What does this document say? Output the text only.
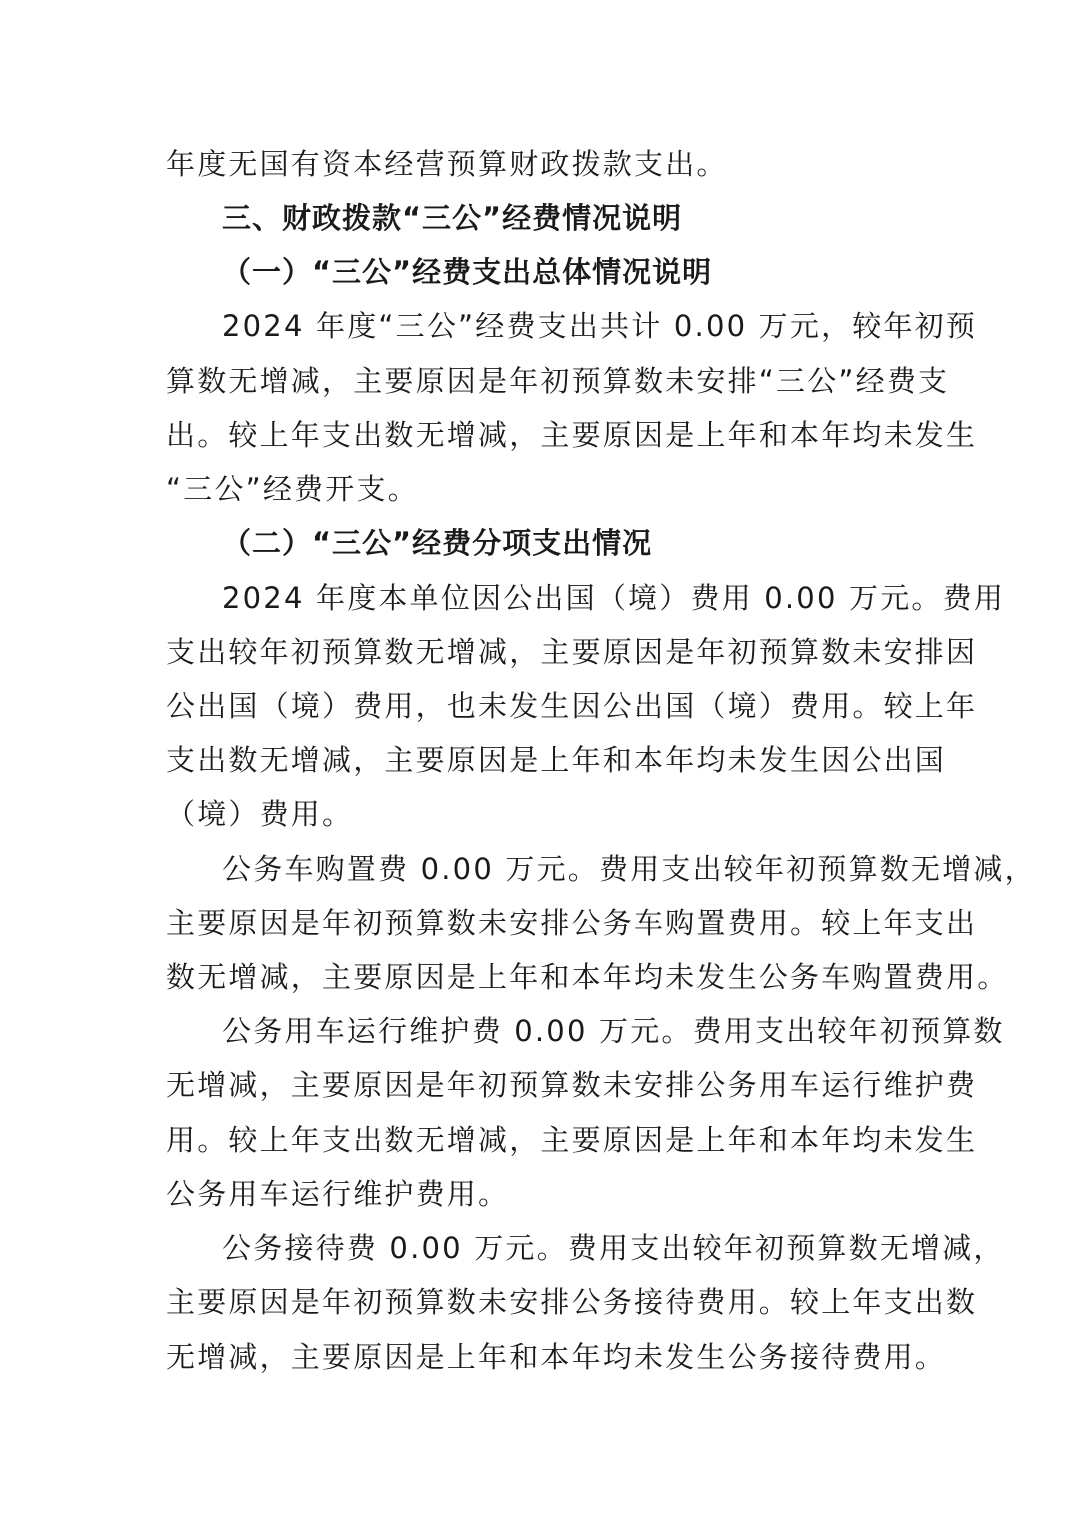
年度无国有资本经营预算财政拨款支出。
三、财政拨款“三公”经费情况说明
（一）“三公”经费支出总体情况说明
2024 年度“三公”经费支出共计 0.00 万元，较年初预
算数无增减，主要原因是年初预算数未安排“三公”经费支
出。较上年支出数无增减，主要原因是上年和本年均未发生
“三公”经费开支。
（二）“三公”经费分项支出情况
2024 年度本单位因公出国（境）费用 0.00 万元。费用
支出较年初预算数无增减，主要原因是年初预算数未安排因
公出国（境）费用，也未发生因公出国（境）费用。较上年
支出数无增减，主要原因是上年和本年均未发生因公出国
（境）费用。
公务车购置费 0.00 万元。费用支出较年初预算数无增减，
主要原因是年初预算数未安排公务车购置费用。较上年支出
数无增减，主要原因是上年和本年均未发生公务车购置费用。
公务用车运行维护费 0.00 万元。费用支出较年初预算数
无增减，主要原因是年初预算数未安排公务用车运行维护费
用。较上年支出数无增减，主要原因是上年和本年均未发生
公务用车运行维护费用。
公务接待费 0.00 万元。费用支出较年初预算数无增减，
主要原因是年初预算数未安排公务接待费用。较上年支出数
无增减，主要原因是上年和本年均未发生公务接待费用。
